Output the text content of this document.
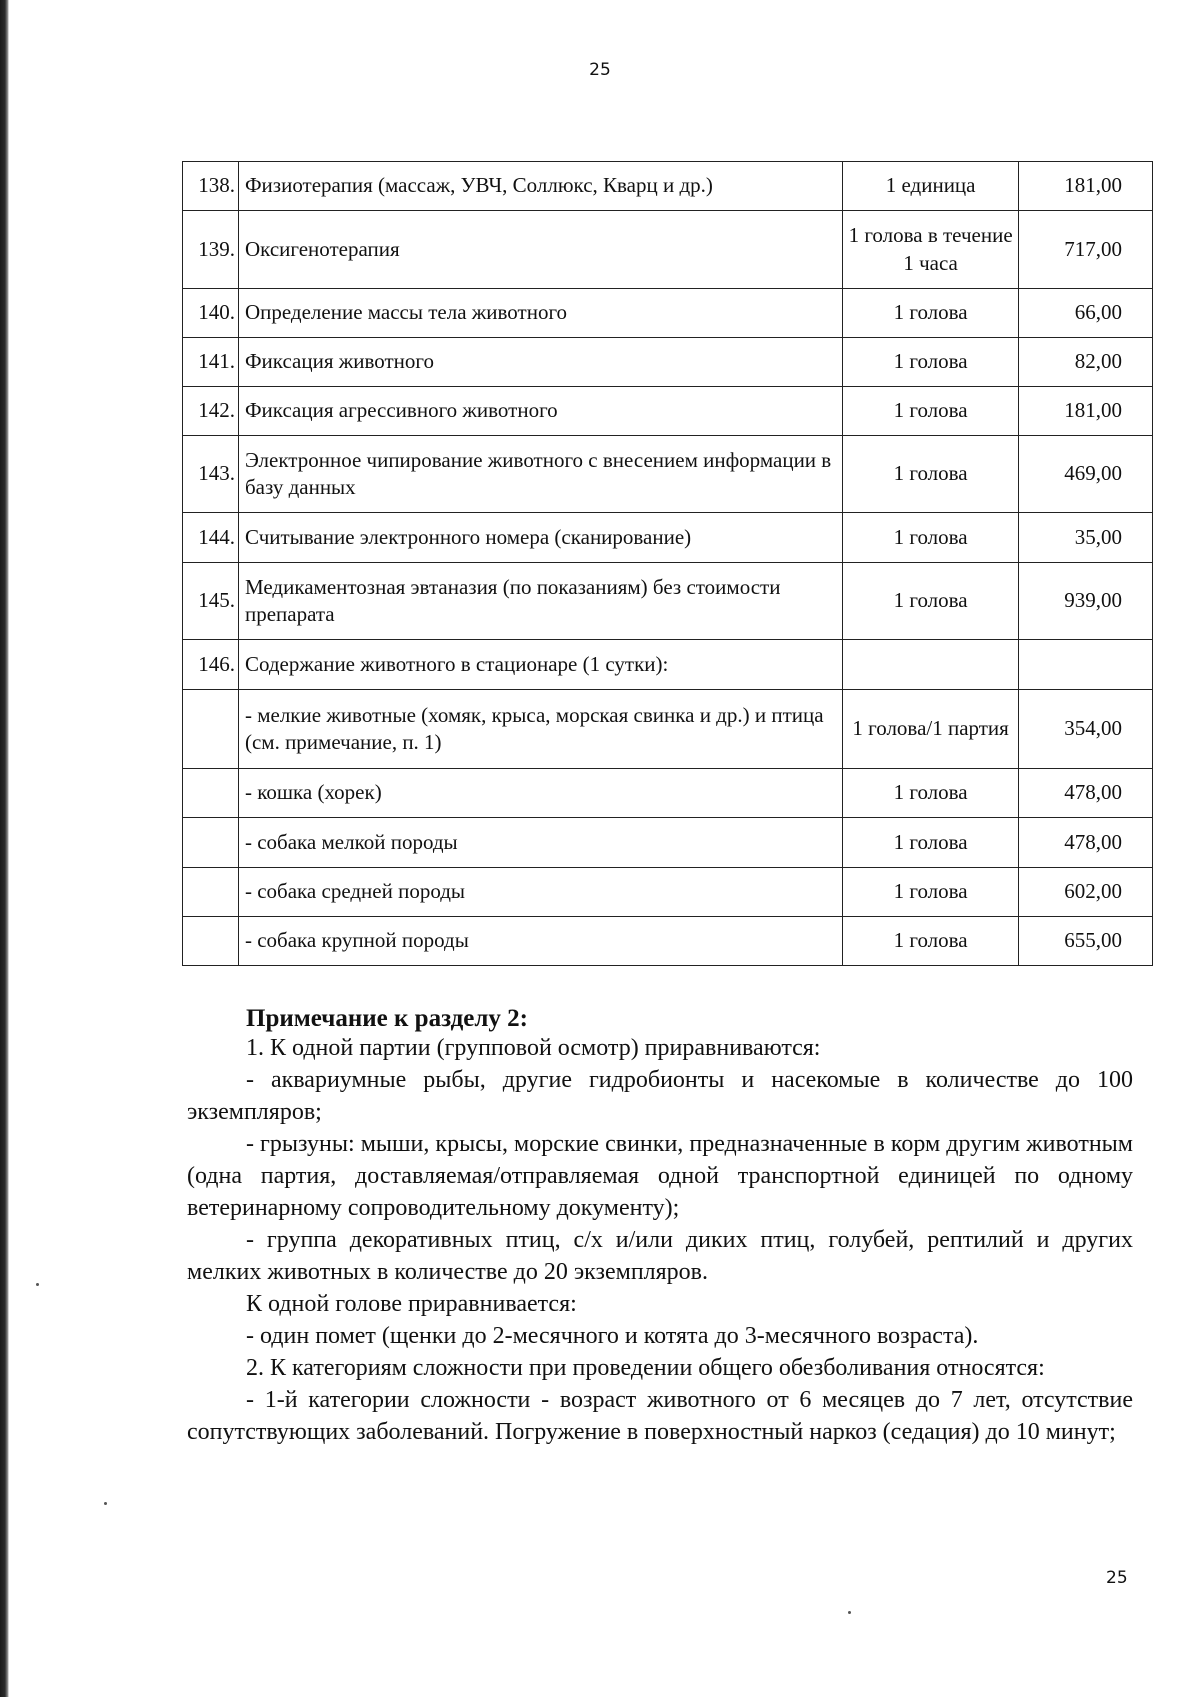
25
138.	Физиотерапия (массаж, УВЧ, Соллюкс, Кварц и др.)	1 единица	181,00
139.	Оксигенотерапия	1 голова в течение 1 часа	717,00
140.	Определение массы тела животного	1 голова	66,00
141.	Фиксация животного	1 голова	82,00
142.	Фиксация агрессивного животного	1 голова	181,00
143.	Электронное чипирование животного с внесением информации в базу данных	1 голова	469,00
144.	Считывание электронного номера (сканирование)	1 голова	35,00
145.	Медикаментозная эвтаназия (по показаниям) без стоимости препарата	1 голова	939,00
146.	Содержание животного в стационаре (1 сутки):		
	- мелкие животные (хомяк, крыса, морская свинка и др.) и птица (см. примечание, п. 1)	1 голова/1 партия	354,00
	- кошка (хорек)	1 голова	478,00
	- собака мелкой породы	1 голова	478,00
	- собака средней породы	1 голова	602,00
	- собака крупной породы	1 голова	655,00
Примечание к разделу 2:

1. К одной партии (групповой осмотр) приравниваются:

- аквариумные рыбы, другие гидробионты и насекомые в количестве до 100 экземпляров;

- грызуны: мыши, крысы, морские свинки, предназначенные в корм другим животным (одна партия, доставляемая/отправляемая одной транспортной единицей по одному ветеринарному сопроводительному документу);

- группа декоративных птиц, с/х и/или диких птиц, голубей, рептилий и других мелких животных в количестве до 20 экземпляров.

К одной голове приравнивается:

- один помет (щенки до 2-месячного и котята до 3-месячного возраста).

2. К категориям сложности при проведении общего обезболивания относятся:

- 1-й категории сложности - возраст животного от 6 месяцев до 7 лет, отсутствие сопутствующих заболеваний. Погружение в поверхностный наркоз (седация) до 10 минут;

25
